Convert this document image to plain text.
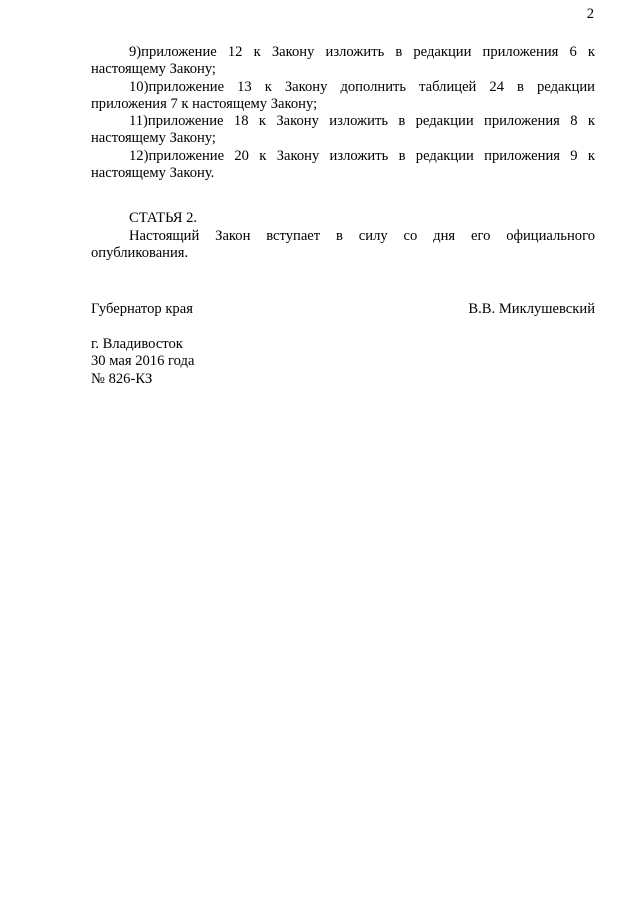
2

9)приложение 12 к Закону изложить в редакции приложения 6 к настоящему Закону;

10)приложение 13 к Закону дополнить таблицей 24 в редакции приложения 7 к настоящему Закону;

11)приложение 18 к Закону изложить в редакции приложения 8 к настоящему Закону;

12)приложение 20 к Закону изложить в редакции приложения 9 к настоящему Закону.

СТАТЬЯ 2.

Настоящий Закон вступает в силу со дня его официального опубликования.

Губернатор края	В.В. Миклушевский
г. Владивосток
30 мая 2016 года
№ 826-КЗ
